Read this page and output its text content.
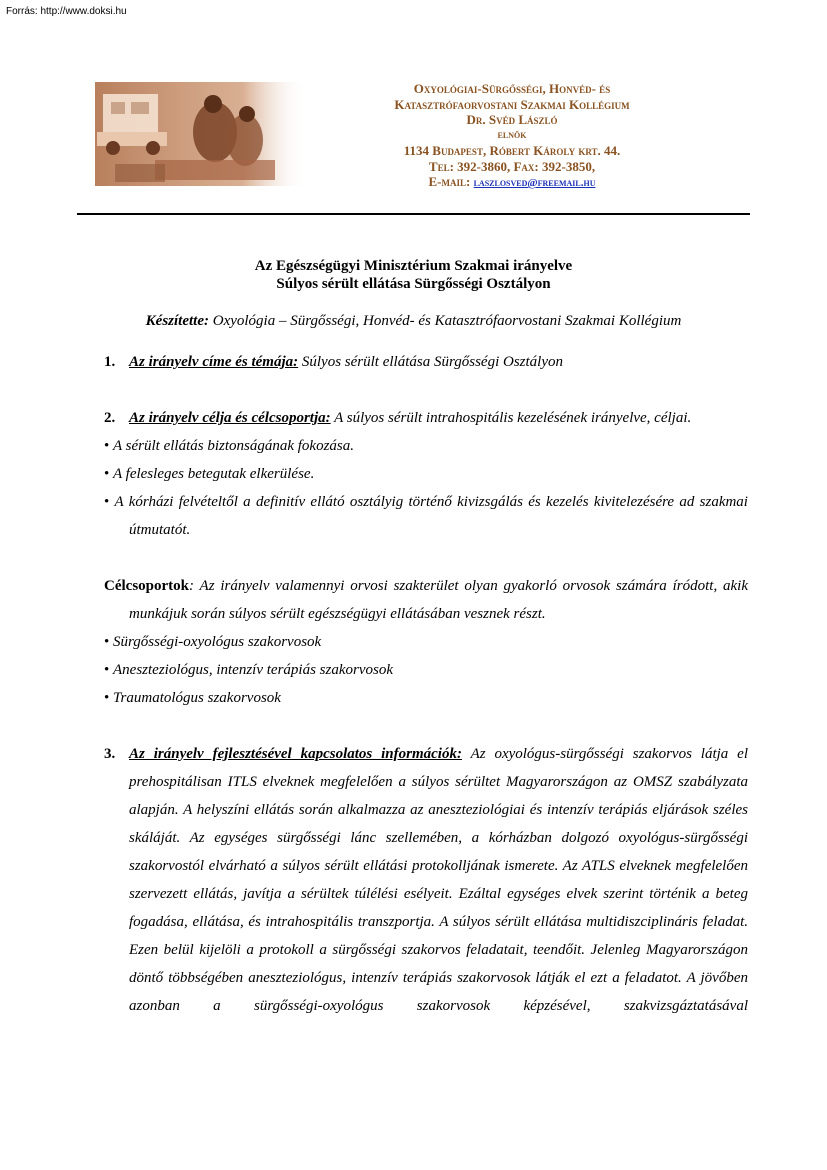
Forrás: http://www.doksi.hu
Oxyológiai-Sürgősségi, Honvéd- és
Katasztrófaorvostani Szakmai Kollégium
Dr. Svéd László
elnök
1134 Budapest, Róbert Károly krt. 44.
Tel: 392-3860, Fax: 392-3850,
E-mail: laszlosved@freemail.hu
Az Egészségügyi Minisztérium Szakmai irányelve
Súlyos sérült ellátása Sürgősségi Osztályon
Készítette: Oxyológia – Sürgősségi, Honvéd- és Katasztrófaorvostani Szakmai Kollégium
1. Az irányelv címe és témája: Súlyos sérült ellátása Sürgősségi Osztályon
2. Az irányelv célja és célcsoportja: A súlyos sérült intrahospitális kezelésének irányelve, céljai.
• A sérült ellátás biztonságának fokozása.
• A felesleges betegutak elkerülése.
• A kórházi felvételtől a definitív ellátó osztályig történő kivizsgálás és kezelés kivitelezésére ad szakmai útmutatót.
Célcsoportok: Az irányelv valamennyi orvosi szakterület olyan gyakorló orvosok számára íródott, akik munkájuk során súlyos sérült egészségügyi ellátásában vesznek részt.
• Sürgősségi-oxyológus szakorvosok
• Aneszteziológus, intenzív terápiás szakorvosok
• Traumatológus szakorvosok
3. Az irányelv fejlesztésével kapcsolatos információk: Az oxyológus-sürgősségi szakorvos látja el prehospitálisan ITLS elveknek megfelelően a súlyos sérültet Magyarországon az OMSZ szabályzata alapján. A helyszíni ellátás során alkalmazza az aneszteziológiai és intenzív terápiás eljárások széles skáláját. Az egységes sürgősségi lánc szellemében, a kórházban dolgozó oxyológus-sürgősségi szakorvostól elvárható a súlyos sérült ellátási protokolljának ismerete. Az ATLS elveknek megfelelően szervezett ellátás, javítja a sérültek túlélési esélyeit. Ezáltal egységes elvek szerint történik a beteg fogadása, ellátása, és intrahospitális transzportja. A súlyos sérült ellátása multidiszciplináris feladat. Ezen belül kijelöli a protokoll a sürgősségi szakorvos feladatait, teendőit. Jelenleg Magyarországon döntő többségében aneszteziológus, intenzív terápiás szakorvosok látják el ezt a feladatot. A jövőben azonban a sürgősségi-oxyológus szakorvosok képzésével, szakvizsgáztatásával
